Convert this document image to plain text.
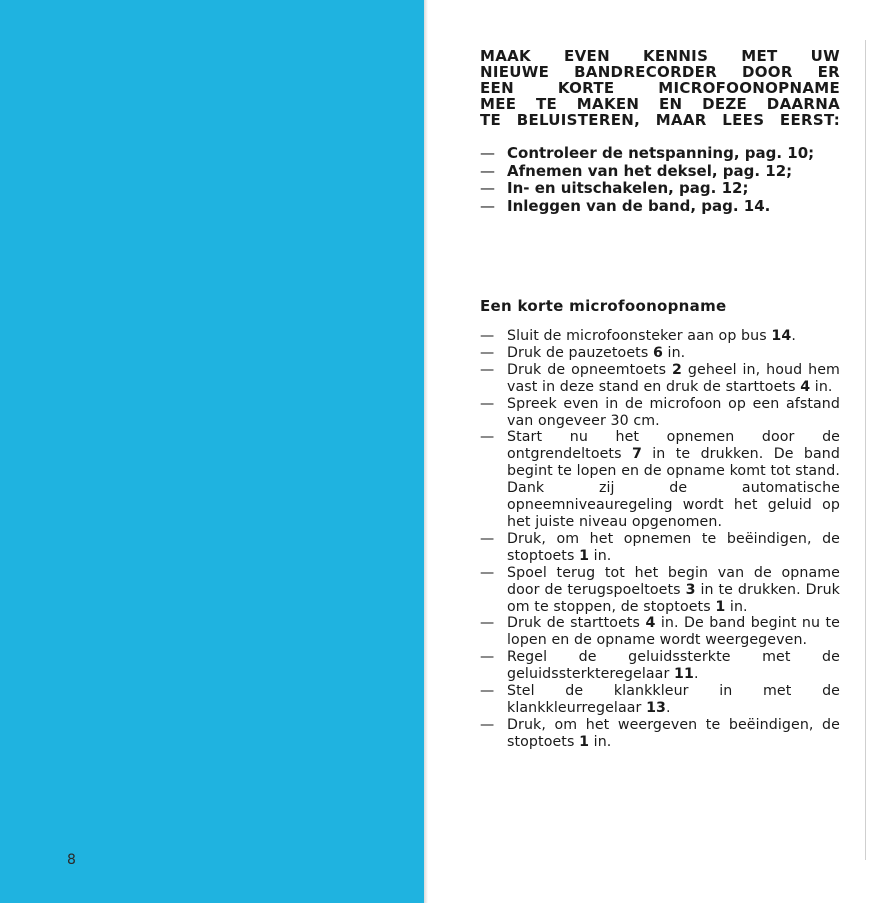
8
MAAK EVEN KENNIS MET UW
NIEUWE BANDRECORDER DOOR ER
EEN KORTE MICROFOONOPNAME
MEE TE MAKEN EN DEZE DAARNA
TE BELUISTEREN, MAAR LEES EERST:
— Controleer de netspanning, pag. 10;
— Afnemen van het deksel, pag. 12;
— In- en uitschakelen, pag. 12;
— Inleggen van de band, pag. 14.
Een korte microfoonopname
— Sluit de microfoonsteker aan op bus 14.
— Druk de pauzetoets 6 in.
— Druk de opneemtoets 2 geheel in, houd hem vast in deze stand en druk de starttoets 4 in.
— Spreek even in de microfoon op een afstand van ongeveer 30 cm.
— Start nu het opnemen door de ontgrendeltoets 7 in te drukken. De band begint te lopen en de opname komt tot stand. Dank zij de automatische opneemniveauregeling wordt het geluid op het juiste niveau opgenomen.
— Druk, om het opnemen te beëindigen, de stoptoets 1 in.
— Spoel terug tot het begin van de opname door de terugspoeltoets 3 in te drukken. Druk om te stoppen, de stoptoets 1 in.
— Druk de starttoets 4 in. De band begint nu te lopen en de opname wordt weergegeven.
— Regel de geluidssterkte met de geluidssterkteregelaar 11.
— Stel de klankkleur in met de klankkleurregelaar 13.
— Druk, om het weergeven te beëindigen, de stoptoets 1 in.
